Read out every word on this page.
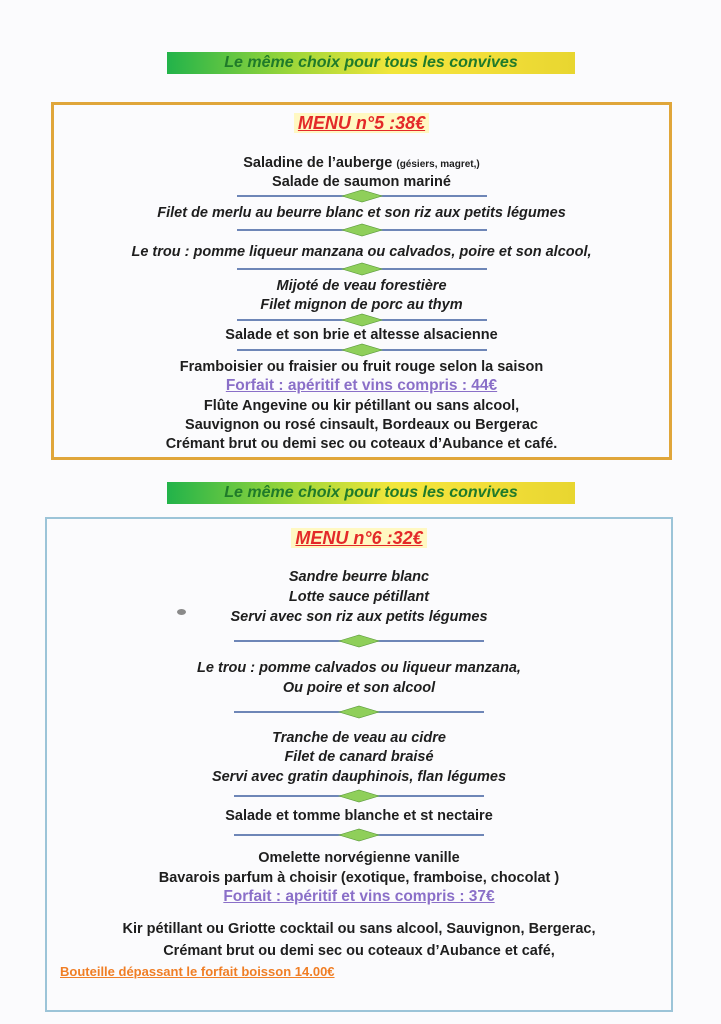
Le même choix pour tous les convives
MENU n°5 :38€
Saladine de l’auberge (gésiers, magret,)
Salade de saumon mariné
Filet de merlu au beurre blanc et son riz aux petits légumes
Le trou : pomme liqueur manzana ou calvados, poire et son alcool,
Mijoté de veau forestière
Filet mignon de porc au thym
Salade et son brie et altesse alsacienne
Framboisier ou fraisier ou fruit rouge selon la saison
Forfait : apéritif et vins compris : 44€
Flûte Angevine ou kir pétillant ou sans alcool,
Sauvignon ou rosé cinsault, Bordeaux ou Bergerac
Crémant brut ou demi sec ou coteaux d’Aubance et café.
Le même choix pour tous les convives
MENU n°6 :32€
Sandre beurre blanc
Lotte sauce pétillant
Servi avec son riz aux petits légumes
Le trou : pomme calvados ou liqueur manzana,
Ou poire et son alcool
Tranche de veau au cidre
Filet de canard braisé
Servi avec gratin dauphinois, flan légumes
Salade et tomme blanche et st nectaire
Omelette norvégienne vanille
Bavarois parfum à choisir (exotique, framboise, chocolat )
Forfait : apéritif et vins compris : 37€
Kir pétillant ou Griotte cocktail ou sans alcool, Sauvignon, Bergerac,
Crémant brut ou demi sec ou coteaux d’Aubance et café,
Bouteille dépassant le forfait boisson 14.00€
